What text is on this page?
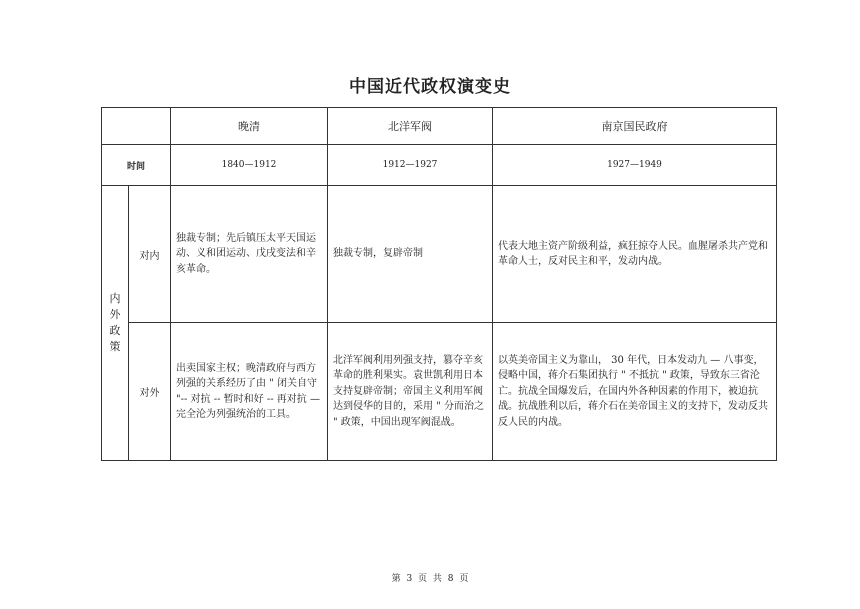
中国近代政权演变史
		晚清	北洋军阀	南京国民政府
时间		1840—1912	1912—1927	1927—1949

内
外
政
策	对内	独裁专制；先后镇压太平天国运动、义和团运动、戊戌变法和辛亥革命。	独裁专制，复辟帝制	代表大地主资产阶级利益，疯狂掠夺人民。血腥屠杀共产党和革命人士，反对民主和平，发动内战。
	对外	出卖国家主权；晚清政府与西方列强的关系经历了由 " 闭关自守 "-- 对抗 -- 暂时和好 -- 再对抗 — 完全沦为列强统治的工具。	北洋军阀利用列强支持，篡夺辛亥革命的胜利果实。袁世凯利用日本支持复辟帝制；帝国主义利用军阀达到侵华的目的，采用 " 分而治之 " 政策，中国出现军阀混战。	以英美帝国主义为靠山， 30 年代，日本发动九 — 八事变，侵略中国，蒋介石集团执行 " 不抵抗 " 政策，导致东三省沦亡。抗战全国爆发后，在国内外各种因素的作用下，被迫抗战。抗战胜利以后，蒋介石在美帝国主义的支持下，发动反共反人民的内战。
第 3 页 共 8 页
